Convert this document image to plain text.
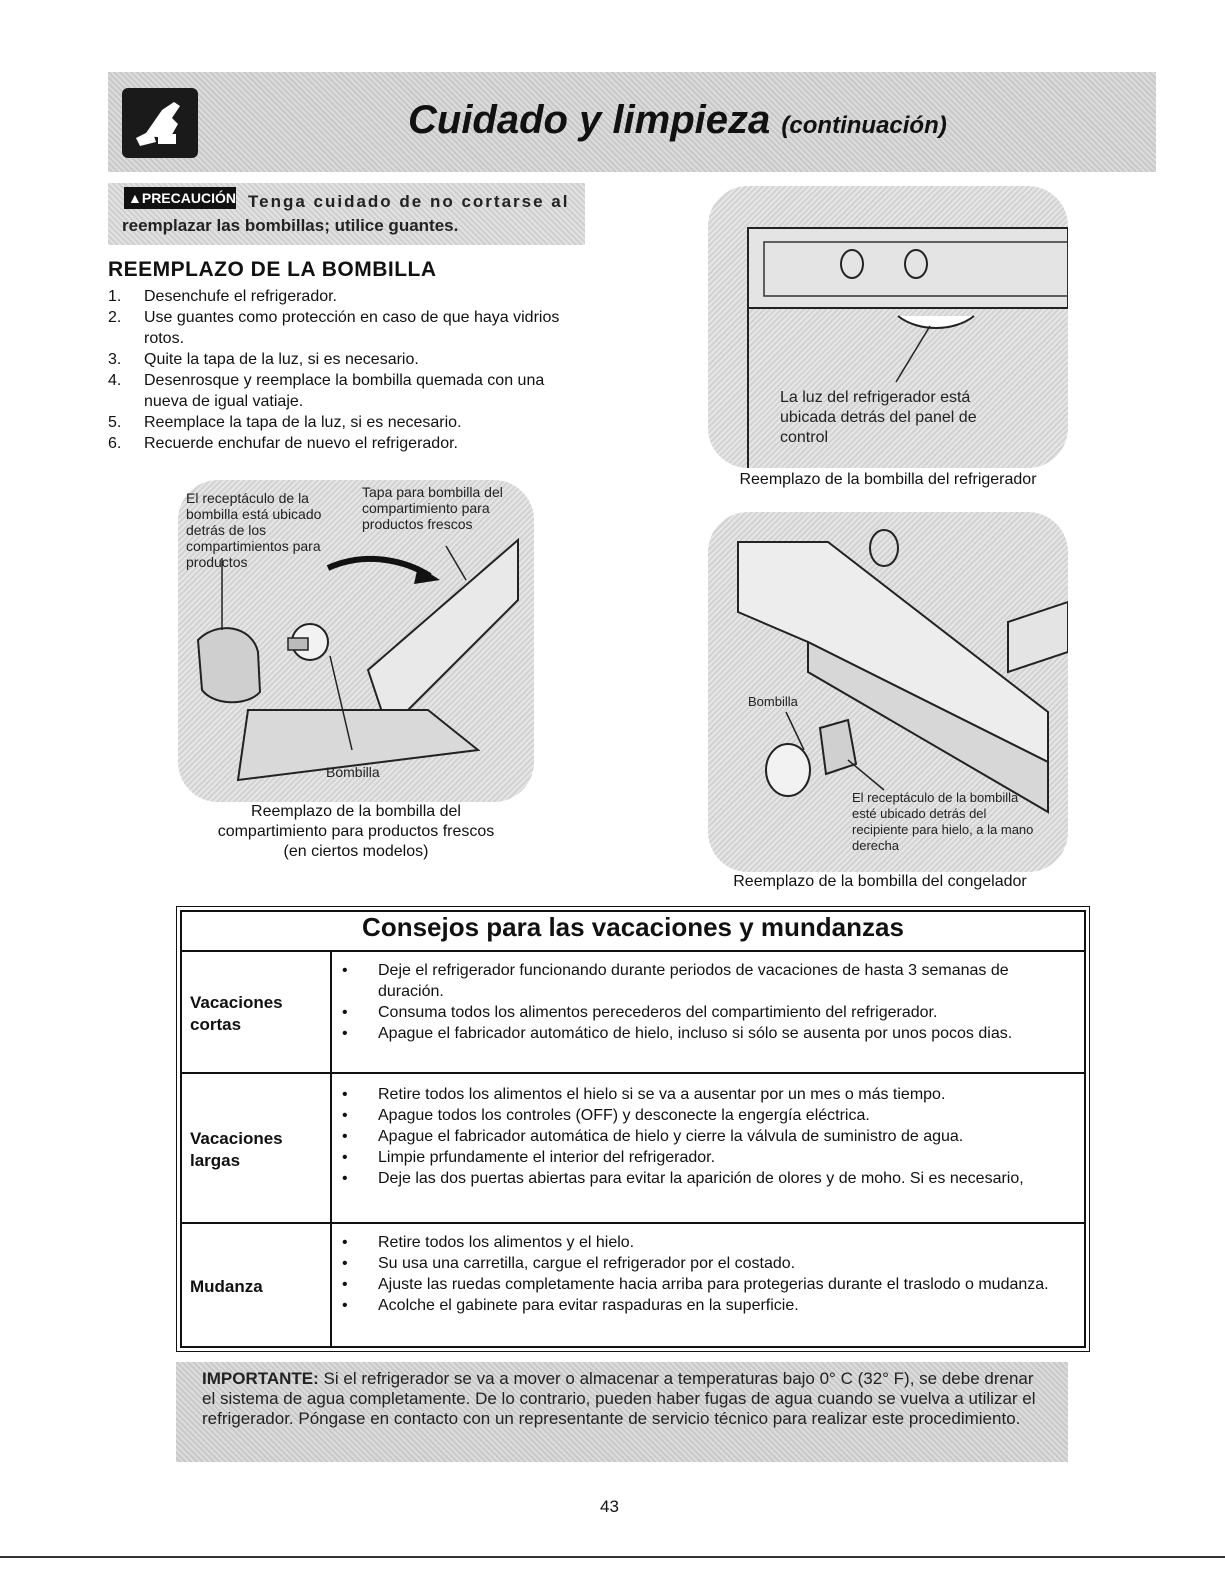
Cuidado y limpieza (continuación)
▲PRECAUCIÓN Tenga cuidado de no cortarse al
reemplazar las bombillas; utilice guantes.
REEMPLAZO DE LA BOMBILLA
1. Desenchufe el refrigerador.
2. Use guantes como protección en caso de que haya vidrios rotos.
3. Quite la tapa de la luz, si es necesario.
4. Desenrosque y reemplace la bombilla quemada con una nueva de igual vatiaje.
5. Reemplace la tapa de la luz, si es necesario.
6. Recuerde enchufar de nuevo el refrigerador.
El receptáculo de la bombilla está ubicado detrás de los compartimientos para productos
Tapa para bombilla del compartimiento para productos frescos
Bombilla
Reemplazo de la bombilla del
compartimiento para productos frescos
(en ciertos modelos)
La luz del refrigerador está ubicada detrás del panel de control
Reemplazo de la bombilla del refrigerador
Bombilla
El receptáculo de la bombilla esté ubicado detrás del recipiente para hielo, a la mano derecha
Reemplazo de la bombilla del congelador
Consejos para las vacaciones y mundanzas
Vacaciones cortas
• Deje el refrigerador funcionando durante periodos de vacaciones de hasta 3 semanas de duración.
• Consuma todos los alimentos perecederos del compartimiento del refrigerador.
• Apague el fabricador automático de hielo, incluso si sólo se ausenta por unos pocos dias.
Vacaciones largas
• Retire todos los alimentos el hielo si se va a ausentar por un mes o más tiempo.
• Apague todos los controles (OFF) y desconecte la engergía eléctrica.
• Apague el fabricador automática de hielo y cierre la válvula de suministro de agua.
• Limpie prfundamente el interior del refrigerador.
• Deje las dos puertas abiertas para evitar la aparición de olores y de moho. Si es necesario,
Mudanza
• Retire todos los alimentos y el hielo.
• Su usa una carretilla, cargue el refrigerador por el costado.
• Ajuste las ruedas completamente hacia arriba para protegerias durante el traslodo o mudanza.
• Acolche el gabinete para evitar raspaduras en la superficie.
IMPORTANTE: Si el refrigerador se va a mover o almacenar a temperaturas bajo 0° C (32° F), se debe drenar el sistema de agua completamente. De lo contrario, pueden haber fugas de agua cuando se vuelva a utilizar el refrigerador. Póngase en contacto con un representante de servicio técnico para realizar este procedimiento.
43
